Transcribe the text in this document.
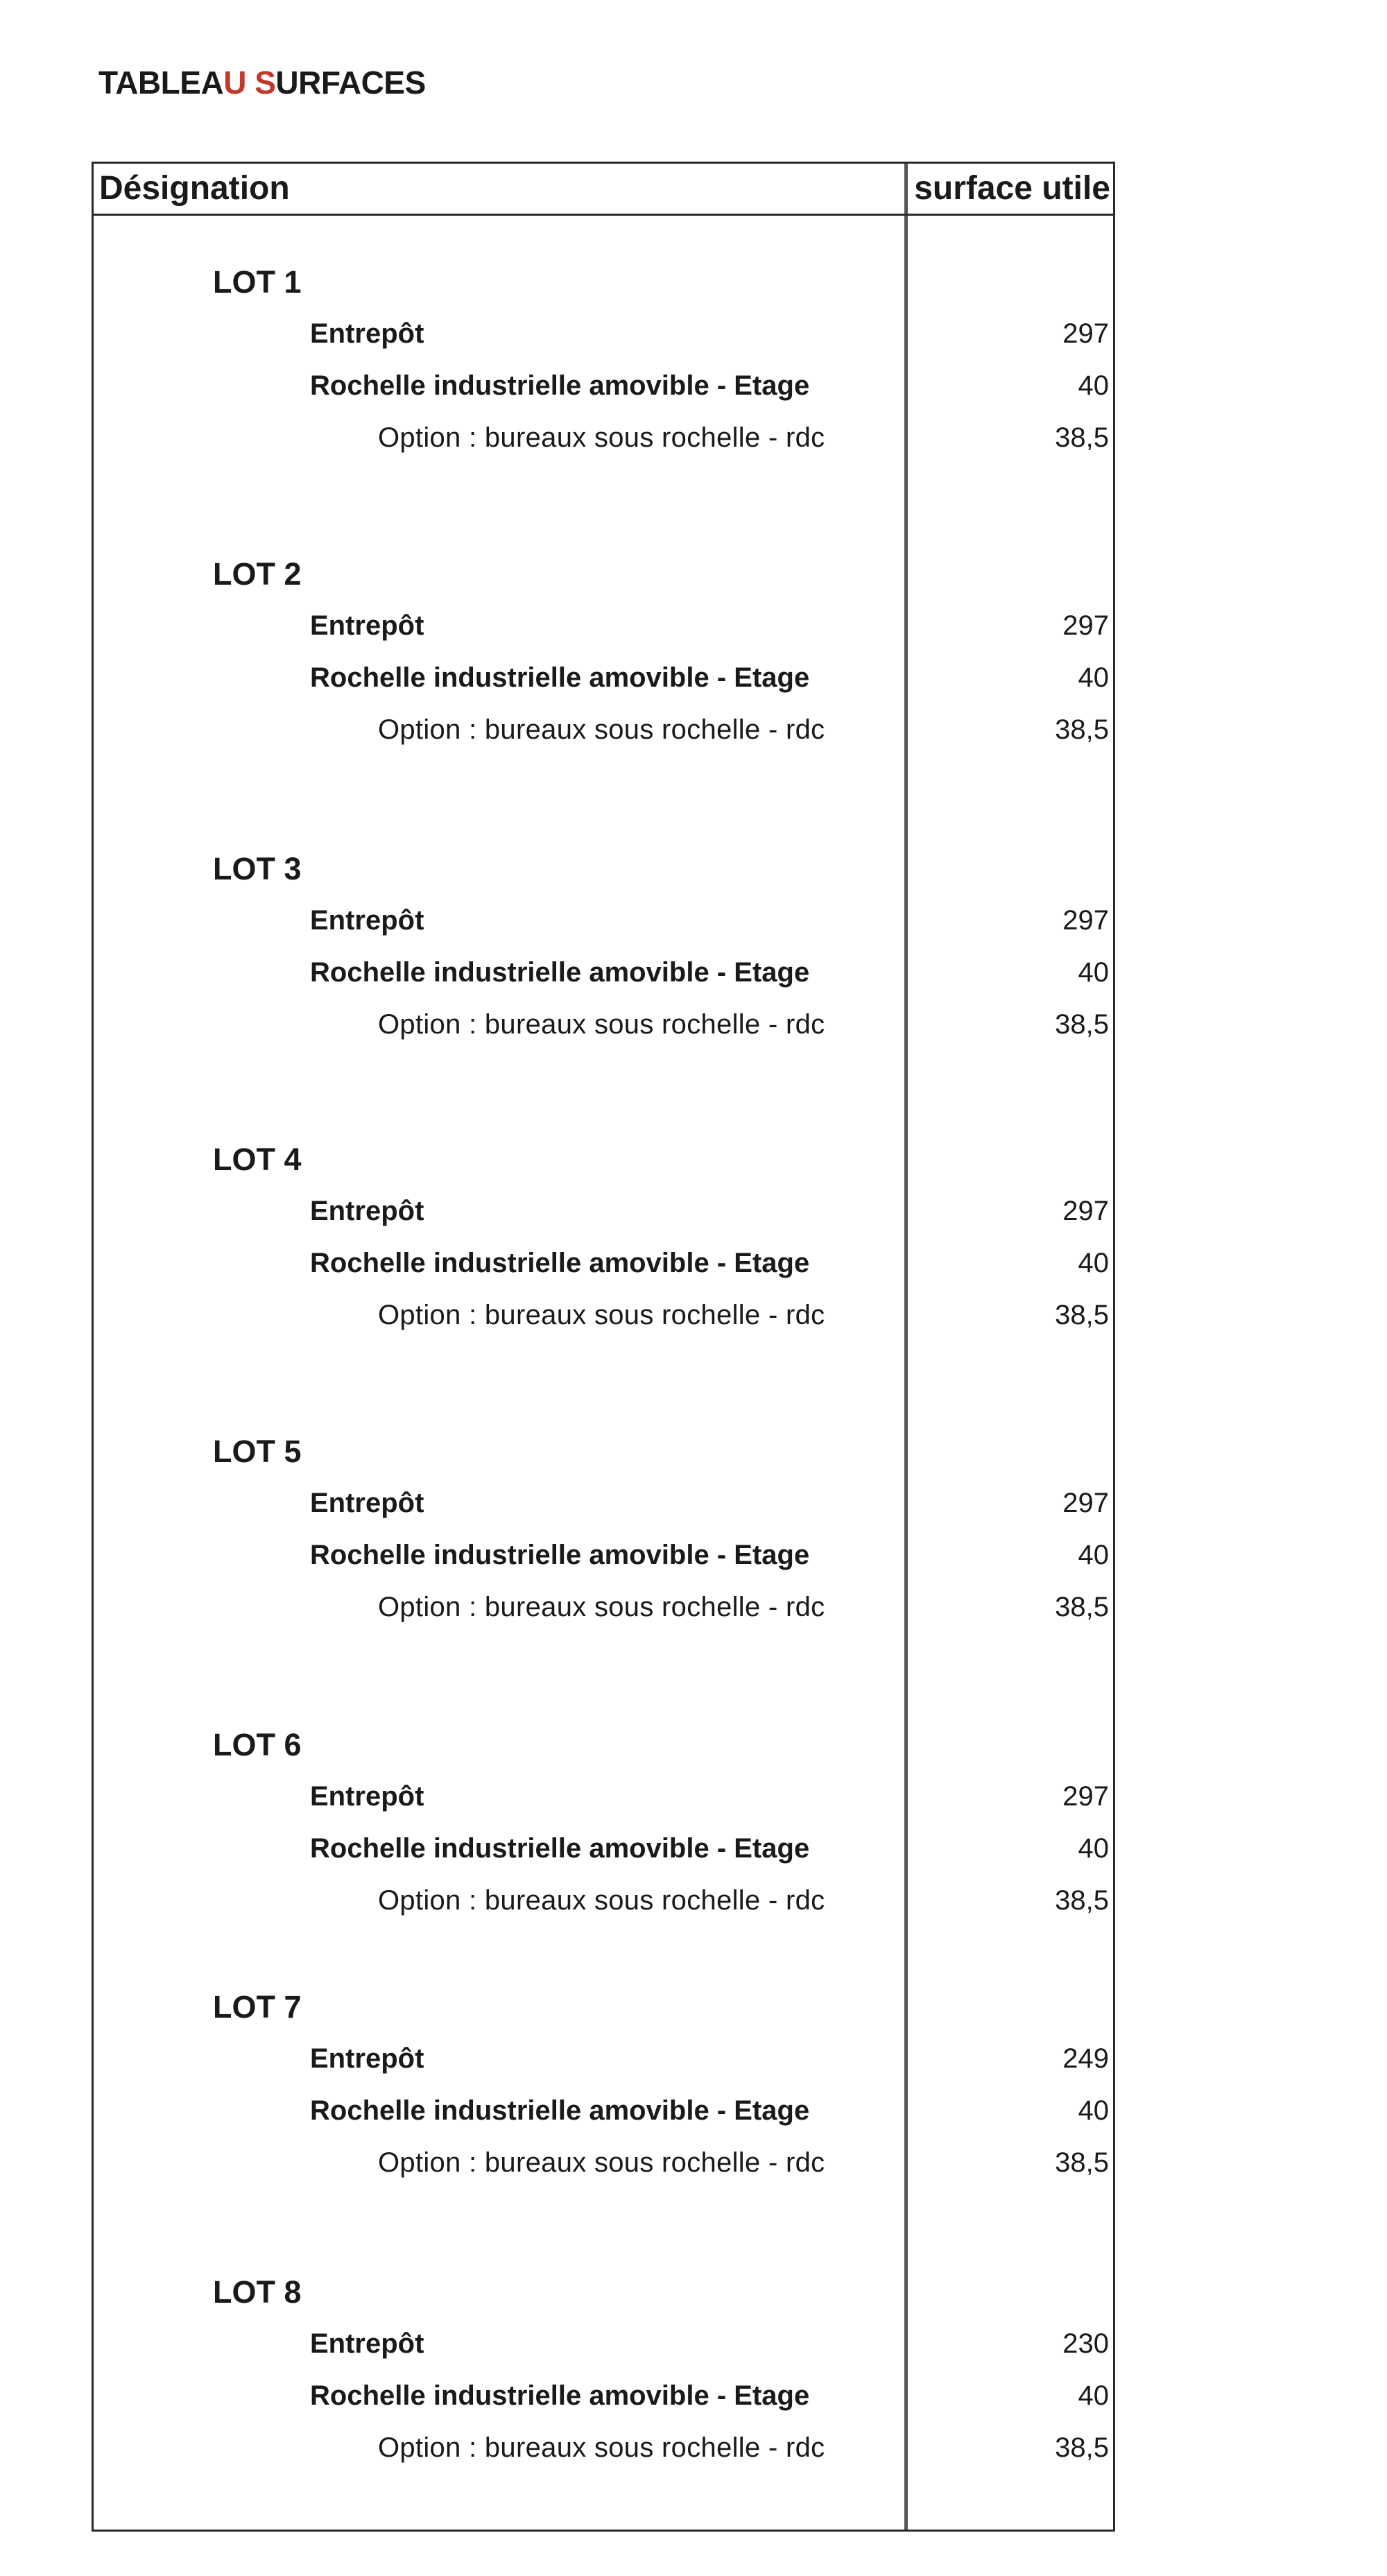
TABLEAU SURFACES
Désignation	surface utile
LOT 1
Entrepôt	297
Rochelle industrielle amovible - Etage	40
Option : bureaux sous rochelle - rdc	38,5
LOT 2
Entrepôt	297
Rochelle industrielle amovible - Etage	40
Option : bureaux sous rochelle - rdc	38,5
LOT 3
Entrepôt	297
Rochelle industrielle amovible - Etage	40
Option : bureaux sous rochelle - rdc	38,5
LOT 4
Entrepôt	297
Rochelle industrielle amovible - Etage	40
Option : bureaux sous rochelle - rdc	38,5
LOT 5
Entrepôt	297
Rochelle industrielle amovible - Etage	40
Option : bureaux sous rochelle - rdc	38,5
LOT 6
Entrepôt	297
Rochelle industrielle amovible - Etage	40
Option : bureaux sous rochelle - rdc	38,5
LOT 7
Entrepôt	249
Rochelle industrielle amovible - Etage	40
Option : bureaux sous rochelle - rdc	38,5
LOT 8
Entrepôt	230
Rochelle industrielle amovible - Etage	40
Option : bureaux sous rochelle - rdc	38,5
